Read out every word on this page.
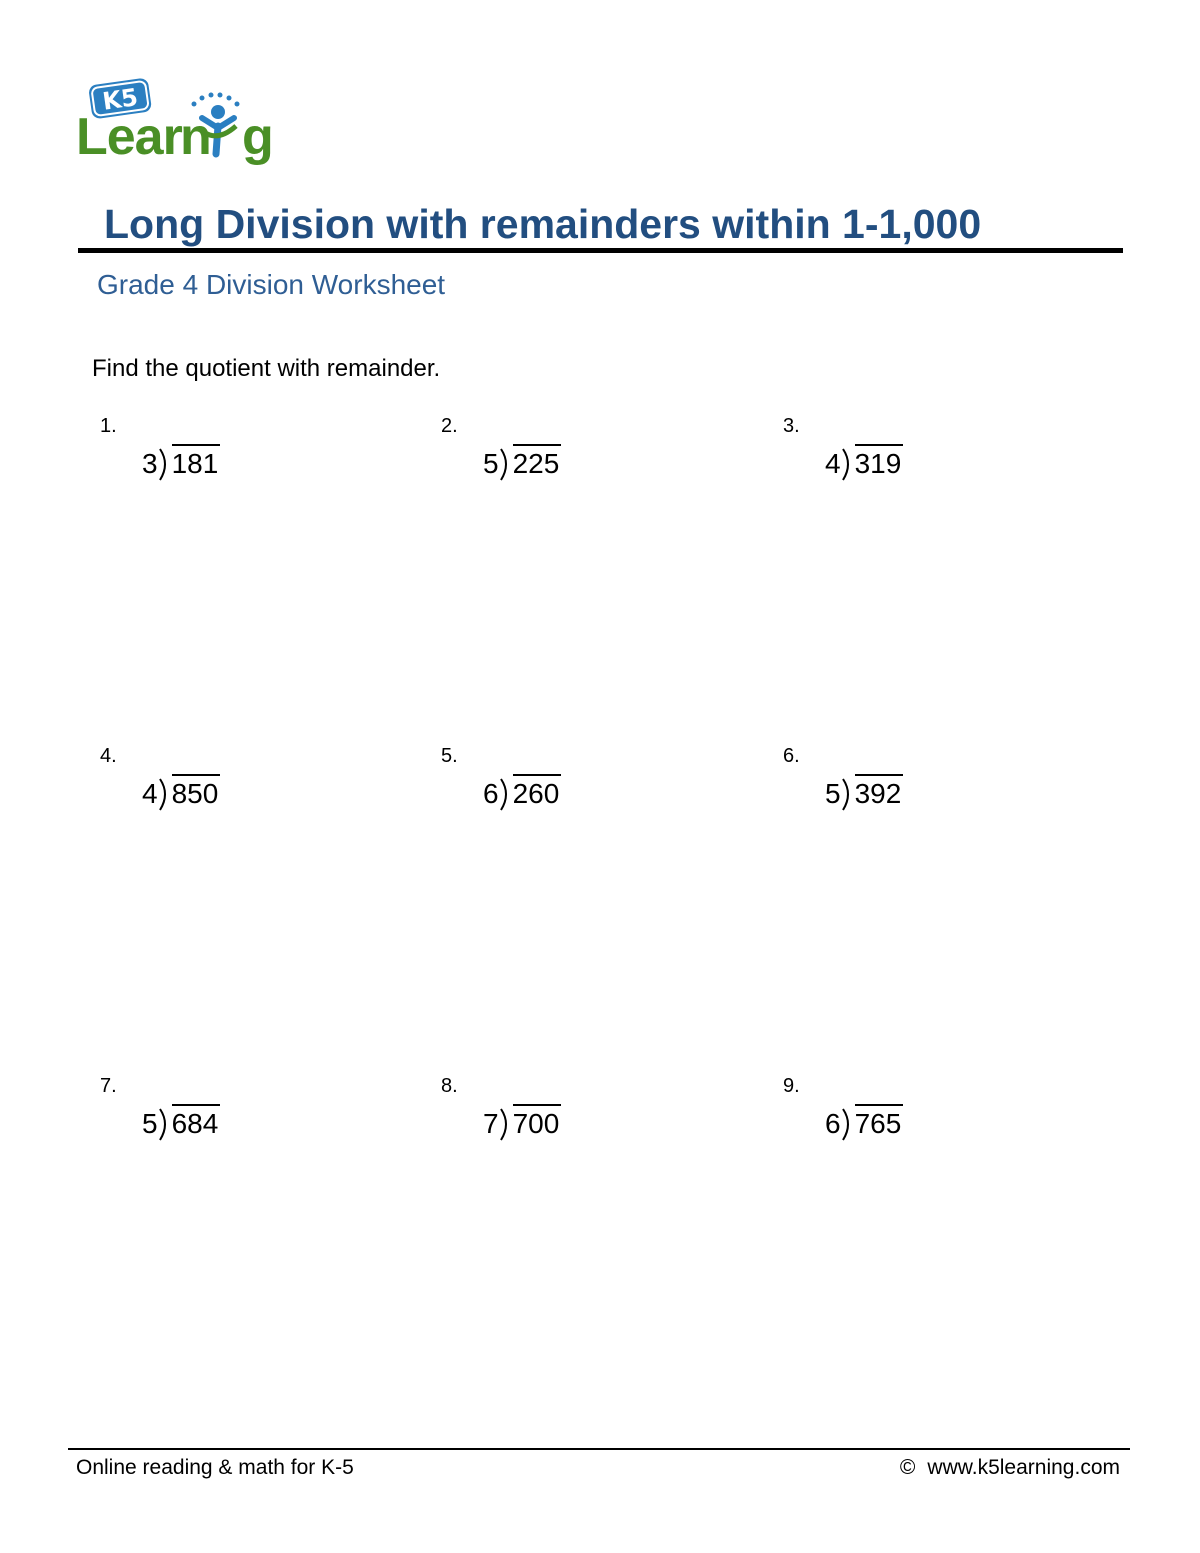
K5
Lear
n g
Long Division with remainders within 1-1,000
Grade 4 Division Worksheet
Find the quotient with remainder.
1.
3 181
2.
5 225
3.
4 319
4.
4 850
5.
6 260
6.
5 392
7.
5 684
8.
7 700
9.
6 765
Online reading & math for K-5	© www.k5learning.com
